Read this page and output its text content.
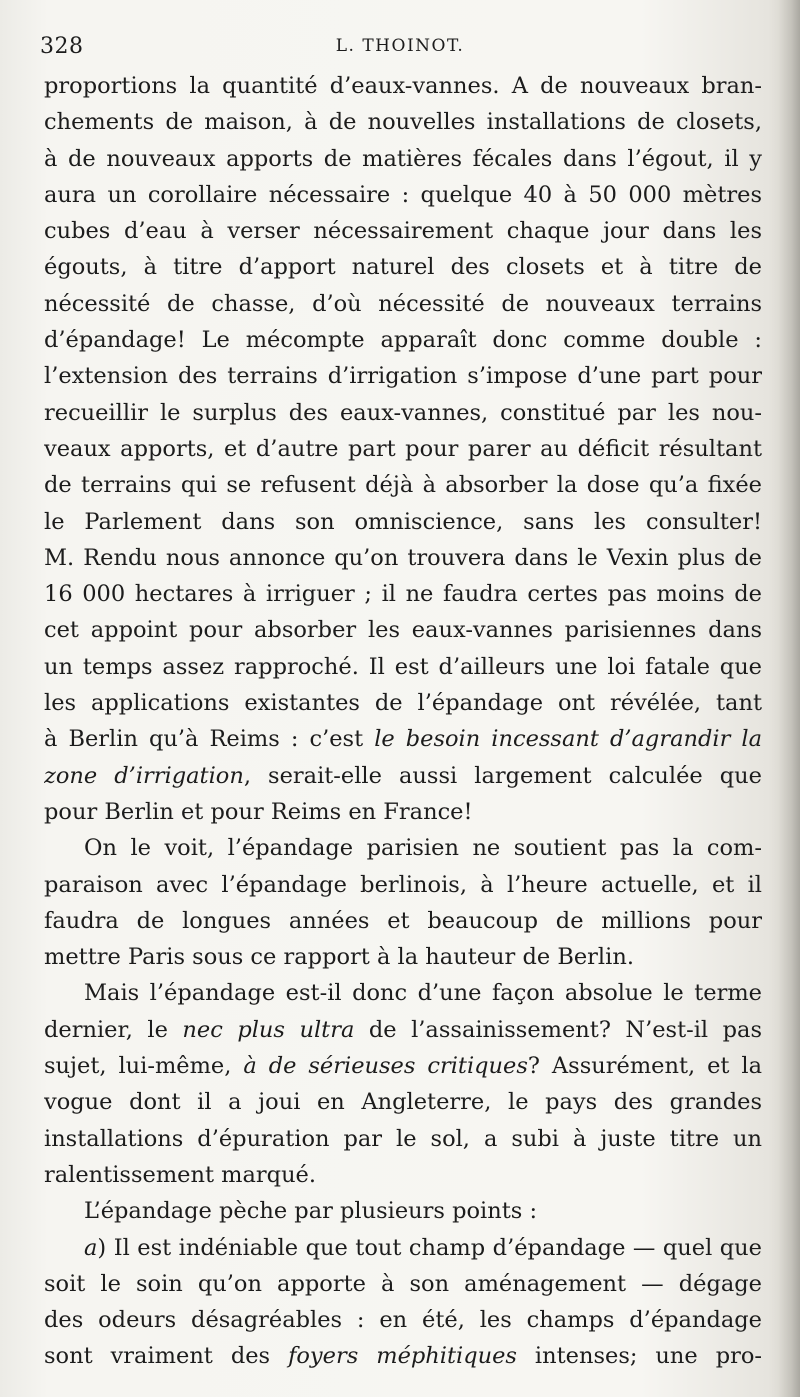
328	L. THOINOT.
proportions la quantité d’eaux-vannes. A de nouveaux bran-
chements de maison, à de nouvelles installations de closets,
à de nouveaux apports de matières fécales dans l’égout, il y
aura un corollaire nécessaire : quelque 40 à 50 000 mètres
cubes d’eau à verser nécessairement chaque jour dans les
égouts, à titre d’apport naturel des closets et à titre de
nécessité de chasse, d’où nécessité de nouveaux terrains
d’épandage! Le mécompte apparaît donc comme double :
l’extension des terrains d’irrigation s’impose d’une part pour
recueillir le surplus des eaux-vannes, constitué par les nou-
veaux apports, et d’autre part pour parer au déficit résultant
de terrains qui se refusent déjà à absorber la dose qu’a fixée
le Parlement dans son omniscience, sans les consulter!
M. Rendu nous annonce qu’on trouvera dans le Vexin plus de
16 000 hectares à irriguer ; il ne faudra certes pas moins de
cet appoint pour absorber les eaux-vannes parisiennes dans
un temps assez rapproché. Il est d’ailleurs une loi fatale que
les applications existantes de l’épandage ont révélée, tant
à Berlin qu’à Reims : c’est le besoin incessant d’agrandir la
zone d’irrigation, serait-elle aussi largement calculée que
pour Berlin et pour Reims en France!
On le voit, l’épandage parisien ne soutient pas la com-
paraison avec l’épandage berlinois, à l’heure actuelle, et il
faudra de longues années et beaucoup de millions pour
mettre Paris sous ce rapport à la hauteur de Berlin.
Mais l’épandage est-il donc d’une façon absolue le terme
dernier, le nec plus ultra de l’assainissement? N’est-il pas
sujet, lui-même, à de sérieuses critiques? Assurément, et la
vogue dont il a joui en Angleterre, le pays des grandes
installations d’épuration par le sol, a subi à juste titre un
ralentissement marqué.
L’épandage pèche par plusieurs points :
a) Il est indéniable que tout champ d’épandage — quel que
soit le soin qu’on apporte à son aménagement — dégage
des odeurs désagréables : en été, les champs d’épandage
sont vraiment des foyers méphitiques intenses; une pro-
